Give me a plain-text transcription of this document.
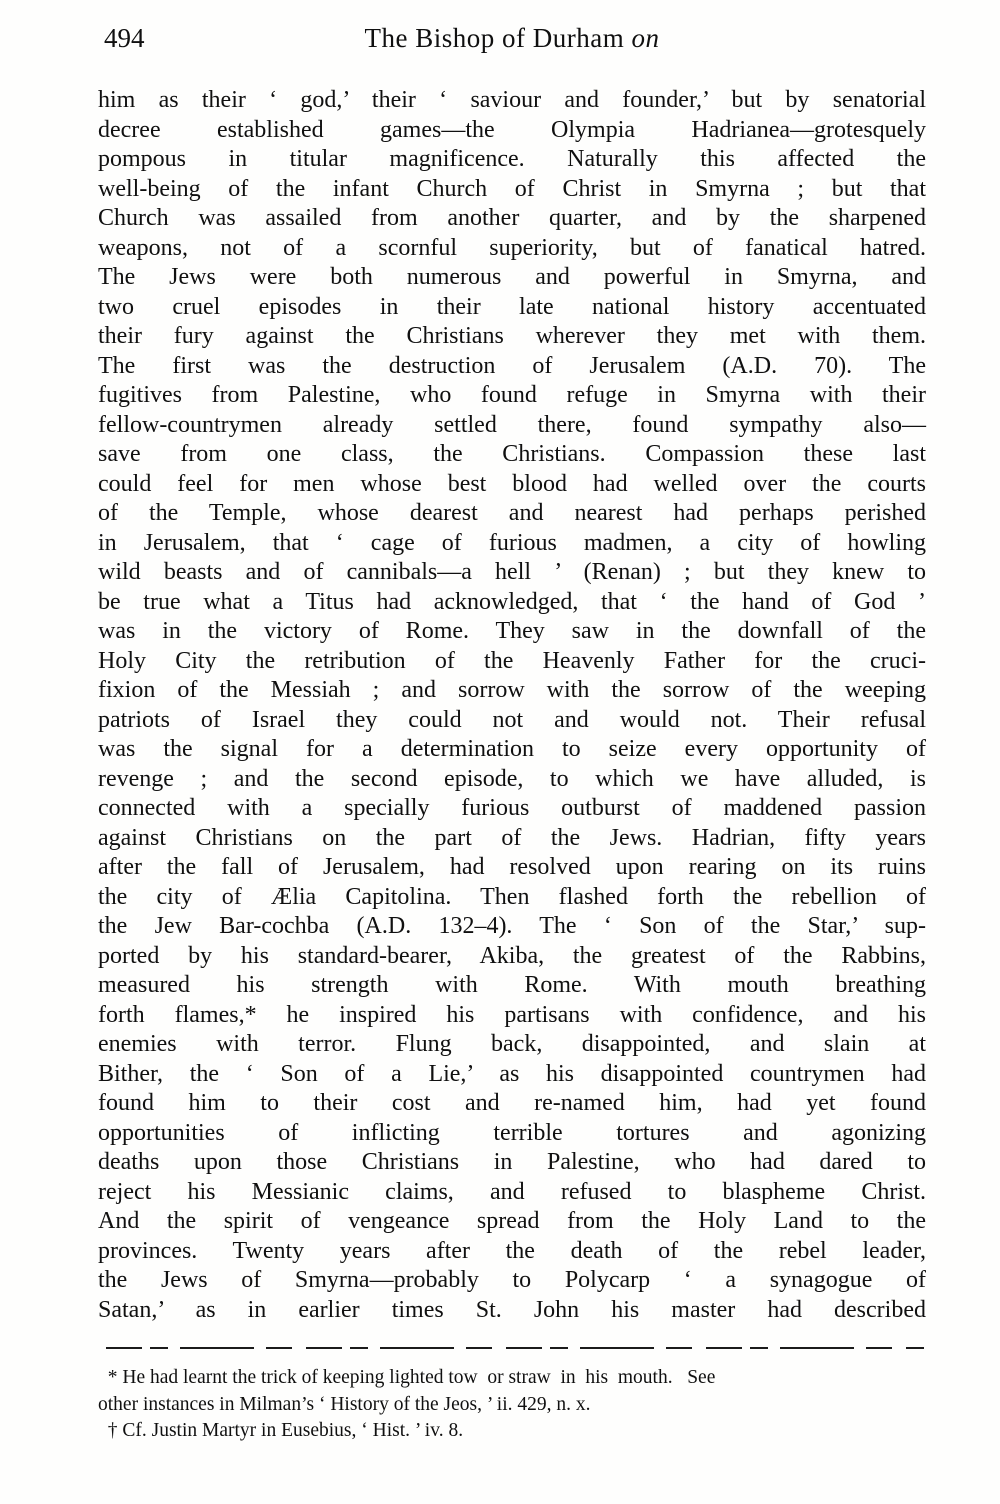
494	The Bishop of Durham on
him as their ‘ god,’ their ‘ saviour and founder,’ but by senatorial
decree established games—the Olympia Hadrianea—grotesquely
pompous in titular magnificence. Naturally this affected the
well-being of the infant Church of Christ in Smyrna ; but that
Church was assailed from another quarter, and by the sharpened
weapons, not of a scornful superiority, but of fanatical hatred.
The Jews were both numerous and powerful in Smyrna, and
two cruel episodes in their late national history accentuated
their fury against the Christians wherever they met with them.
The first was the destruction of Jerusalem (A.D. 70). The
fugitives from Palestine, who found refuge in Smyrna with their
fellow-countrymen already settled there, found sympathy also—
save from one class, the Christians. Compassion these last
could feel for men whose best blood had welled over the courts
of the Temple, whose dearest and nearest had perhaps perished
in Jerusalem, that ‘ cage of furious madmen, a city of howling
wild beasts and of cannibals—a hell ’ (Renan) ; but they knew to
be true what a Titus had acknowledged, that ‘ the hand of God ’
was in the victory of Rome. They saw in the downfall of the
Holy City the retribution of the Heavenly Father for the cruci-
fixion of the Messiah ; and sorrow with the sorrow of the weeping
patriots of Israel they could not and would not. Their refusal
was the signal for a determination to seize every opportunity of
revenge ; and the second episode, to which we have alluded, is
connected with a specially furious outburst of maddened passion
against Christians on the part of the Jews. Hadrian, fifty years
after the fall of Jerusalem, had resolved upon rearing on its ruins
the city of Ælia Capitolina. Then flashed forth the rebellion of
the Jew Bar-cochba (A.D. 132–4). The ‘ Son of the Star,’ sup-
ported by his standard-bearer, Akiba, the greatest of the Rabbins,
measured his strength with Rome. With mouth breathing
forth flames,* he inspired his partisans with confidence, and his
enemies with terror. Flung back, disappointed, and slain at
Bither, the ‘ Son of a Lie,’ as his disappointed countrymen had
found him to their cost and re-named him, had yet found
opportunities of inflicting terrible tortures and agonizing
deaths upon those Christians in Palestine, who had dared to
reject his Messianic claims, and refused to blaspheme Christ.
And the spirit of vengeance spread from the Holy Land to the
provinces. Twenty years after the death of the rebel leader,
the Jews of Smyrna—probably to Polycarp ‘ a synagogue of
Satan,’ as in earlier times St. John his master had described
* He had learnt the trick of keeping lighted tow  or straw  in  his  mouth.   See
other instances in Milman’s ‘ History of the Jeos, ’ ii. 429, n. x.
† Cf. Justin Martyr in Eusebius, ‘ Hist. ’ iv. 8.
